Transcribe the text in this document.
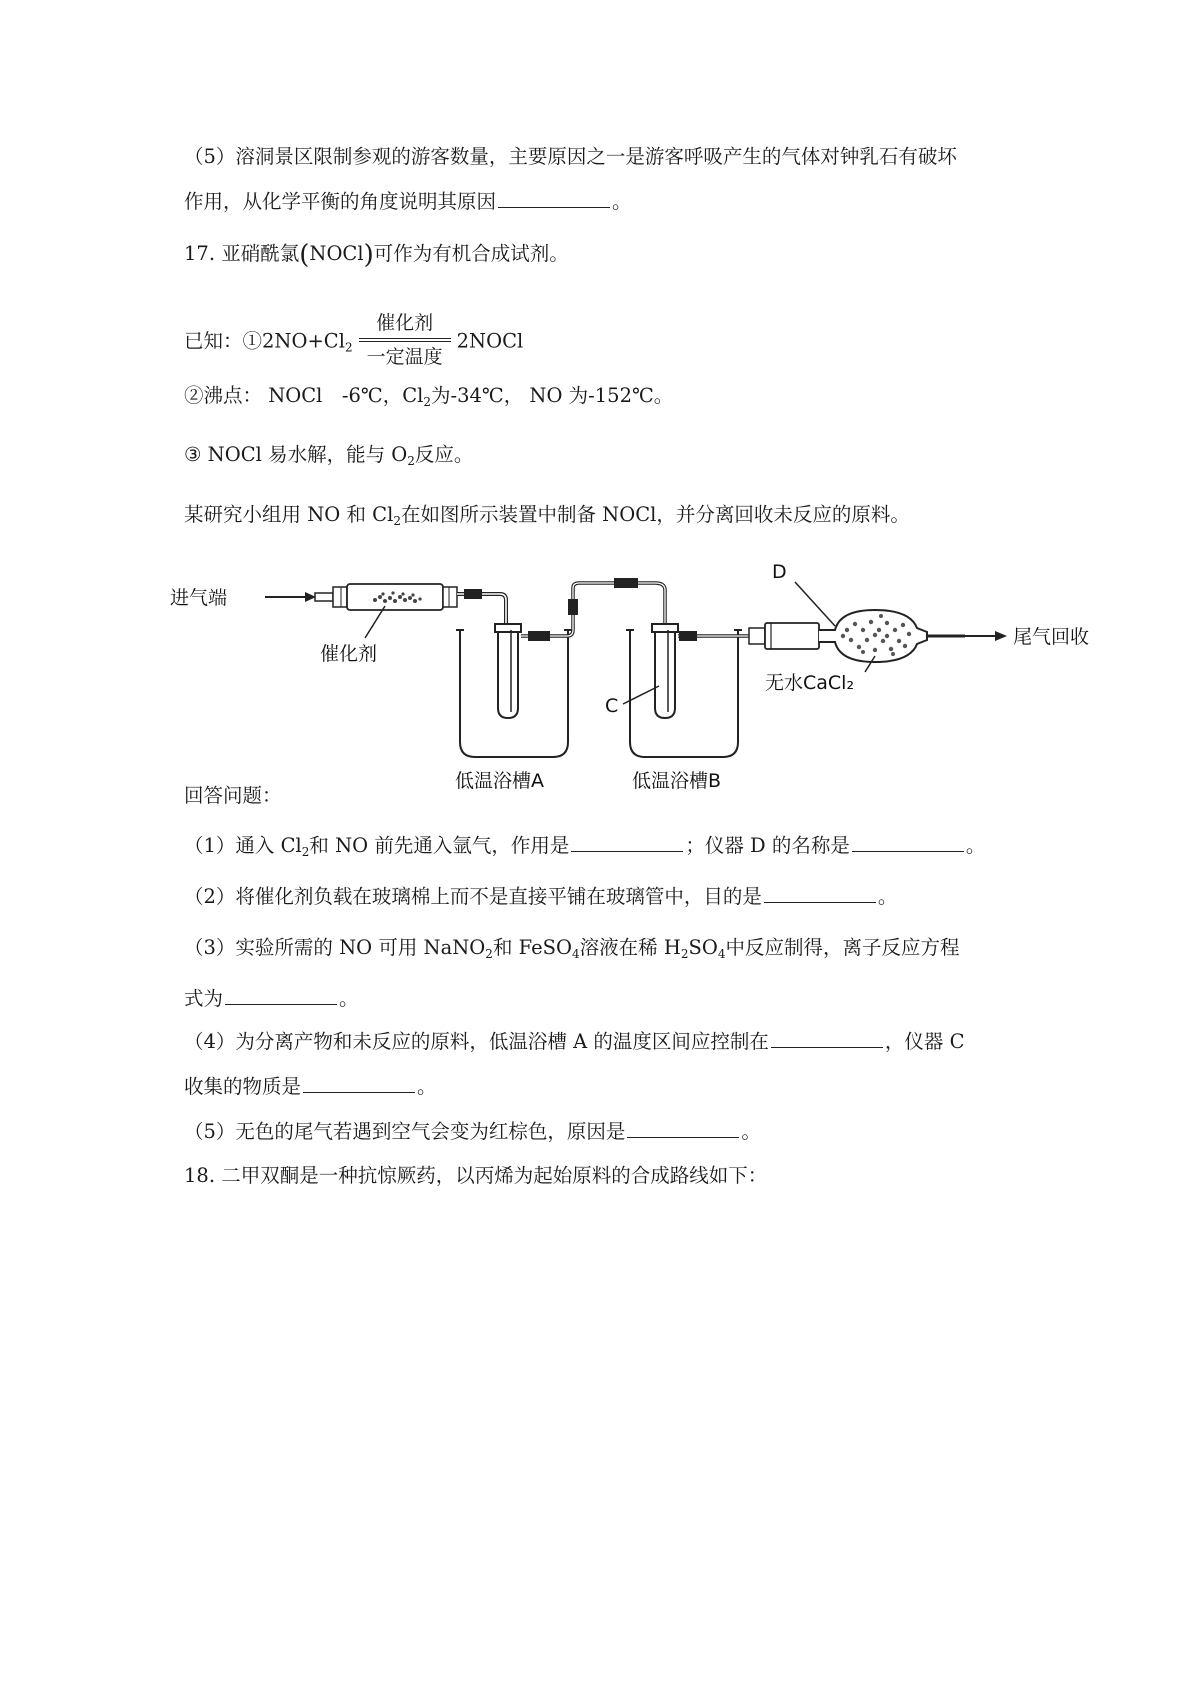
（5）溶洞景区限制参观的游客数量，主要原因之一是游客呼吸产生的气体对钟乳石有破坏
作用，从化学平衡的角度说明其原因	。
17. 亚硝酰氯(NOCl)可作为有机合成试剂。
已知：$①2NO+Cl_2 \frac{\text{催化剂}}{\text{一定温度}}$ 2NOCl
②沸点： NOCl　-6℃，$Cl_2$为-34℃， NO 为-152℃。
③ NOCl 易水解，能与 $O_2$反应。
某研究小组用 NO 和 $Cl_2$在如图所示装置中制备 NOCl，并分离回收未反应的原料。
进气端
催化剂
低温浴槽A	低温浴槽B
C
D
无水CaCl₂
尾气回收
回答问题：
（1）通入 $Cl_2$和 NO 前先通入氩气，作用是	；仪器 D 的名称是	。
（2）将催化剂负载在玻璃棉上而不是直接平铺在玻璃管中，目的是	。
（3）实验所需的 NO 可用 NaNO$_2$和 FeSO$_4$溶液在稀 $H_2SO_4$中反应制得，离子反应方程
式为	。
（4）为分离产物和未反应的原料，低温浴槽 A 的温度区间应控制在	，仪器 C
收集的物质是	。
（5）无色的尾气若遇到空气会变为红棕色，原因是	。
18. 二甲双酮是一种抗惊厥药，以丙烯为起始原料的合成路线如下：
